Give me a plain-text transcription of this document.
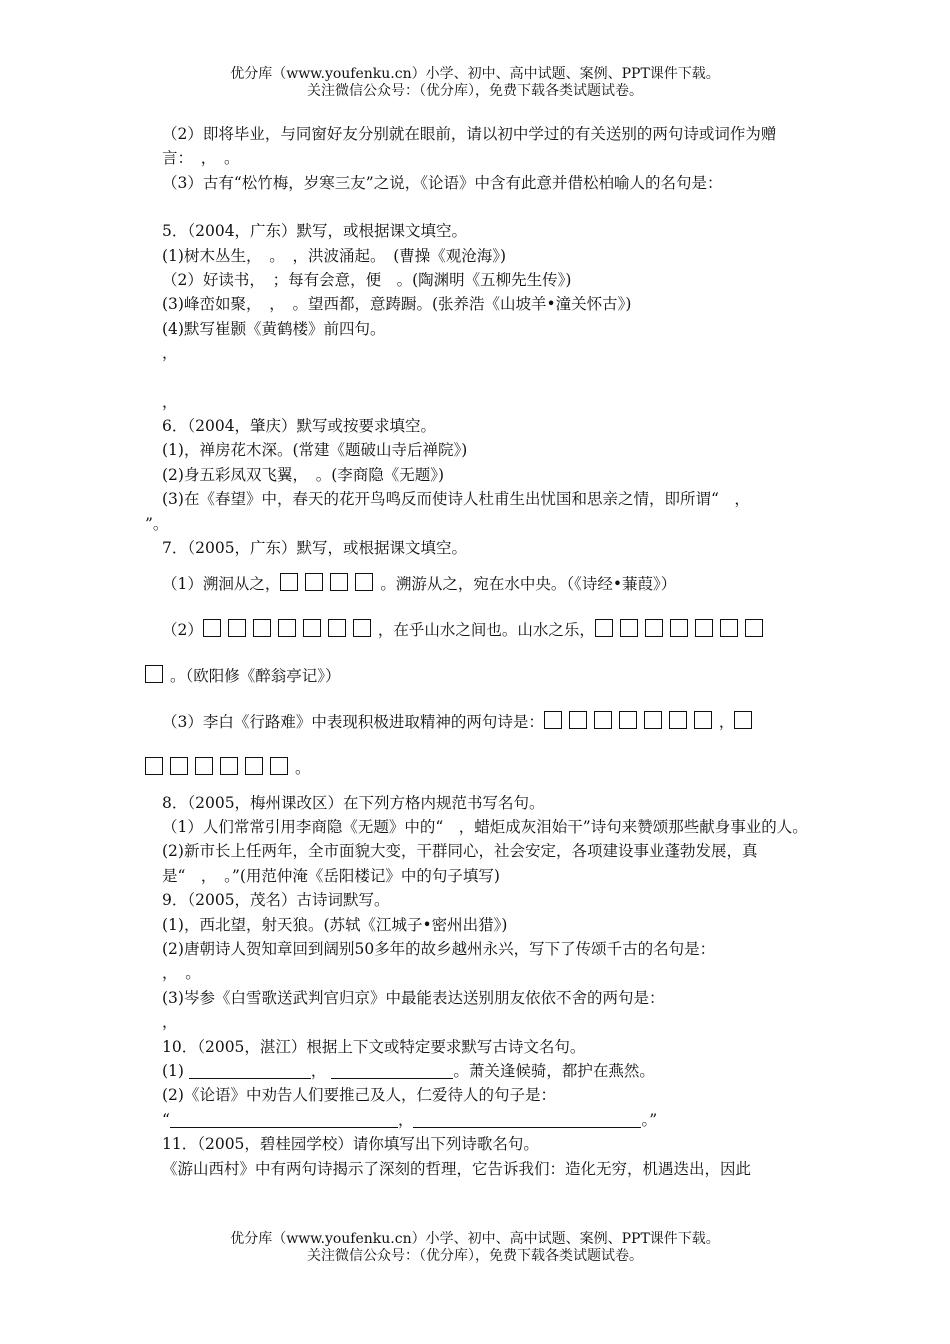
优分库（www.youfenku.cn）小学、初中、高中试题、案例、PPT课件下载。
关注微信公众号：（优分库），免费下载各类试题试卷。
（2）即将毕业，与同窗好友分别就在眼前，请以初中学过的有关送别的两句诗或词作为赠言：　，　。
（3）古有“松竹梅，岁寒三友”之说，《论语》中含有此意并借松柏喻人的名句是：
5．（2004，广东）默写，或根据课文填空。
(1)树木丛生，　。　，洪波涌起。　(曹操《观沧海》)
（2）好读书，　；每有会意，便　。(陶渊明《五柳先生传》)
(3)峰峦如聚，　，　。望西都，意踌蹰。(张养浩《山坡羊•潼关怀古》)
(4)默写崔颢《黄鹤楼》前四句。
，
，
6．（2004，肇庆）默写或按要求填空。
(1)，禅房花木深。(常建《题破山寺后禅院》)
(2)身五彩凤双飞翼，　。(李商隐《无题》)
(3)在《春望》中，春天的花开鸟鸣反而使诗人杜甫生出忧国和思亲之情，即所谓“　，
”。
7．（2005，广东）默写，或根据课文填空。
（1）溯洄从之，	。溯游从之，宛在水中央。（《诗经•蒹葭》）
（2）	，在乎山水之间也。山水之乐，
。（欧阳修《醉翁亭记》）
（3）李白《行路难》中表现积极进取精神的两句诗是：	，
。
8．（2005，梅州课改区）在下列方格内规范书写名句。
（1）人们常常引用李商隐《无题》中的“　，蜡炬成灰泪始干”诗句来赞颂那些献身事业的人。
(2)新市长上任两年，全市面貌大变，干群同心，社会安定，各项建设事业蓬勃发展，真是“　，　。”(用范仲淹《岳阳楼记》中的句子填写)
9．（2005，茂名）古诗词默写。
(1)，西北望，射天狼。(苏轼《江城子•密州出猎》)
(2)唐朝诗人贺知章回到阔别50多年的故乡越州永兴，写下了传颂千古的名句是：
，　。
(3)岑参《白雪歌送武判官归京》中最能表达送别朋友依依不舍的两句是：
，
10．（2005，湛江）根据上下文或特定要求默写古诗文名句。
(1)	，	。萧关逢候骑，都护在燕然。
(2)《论语》中劝告人们要推己及人，仁爱待人的句子是：
“	，	。”
11．（2005，碧桂园学校）请你填写出下列诗歌名句。
《游山西村》中有两句诗揭示了深刻的哲理，它告诉我们：造化无穷，机遇迭出，因此
优分库（www.youfenku.cn）小学、初中、高中试题、案例、PPT课件下载。
关注微信公众号：（优分库），免费下载各类试题试卷。
